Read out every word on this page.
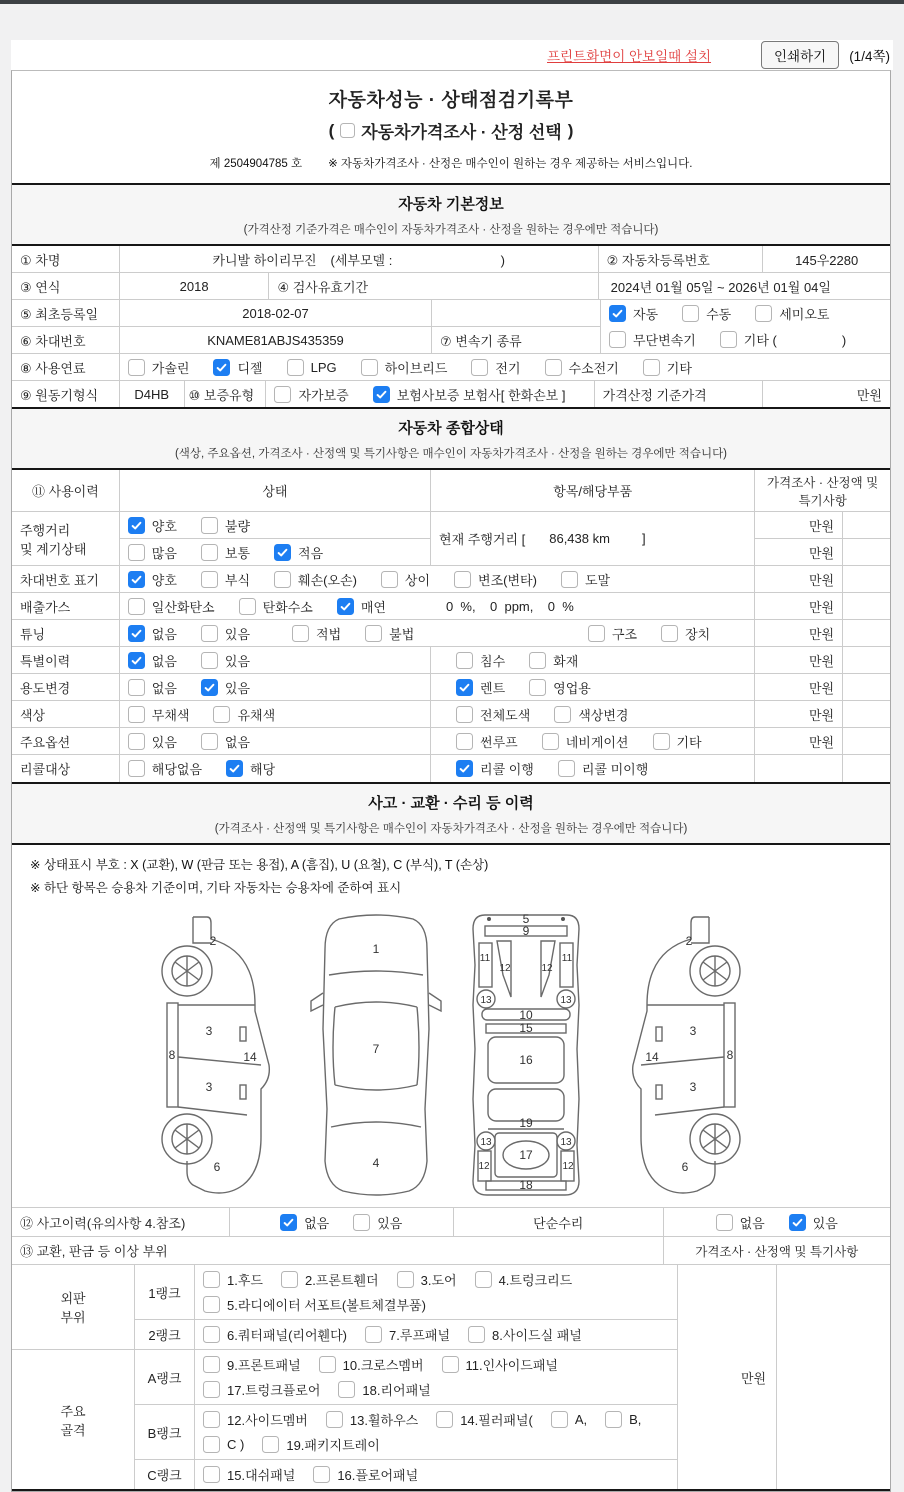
프린트화면이 안보일때 설치	인쇄하기	(1/4쪽)
자동차성능 · 상태점검기록부
( 자동차가격조사 · 산정 선택 )
제 2504904785 호 ※ 자동차가격조사 · 산정은 매수인이 원하는 경우 제공하는 서비스입니다.
자동차 기본정보
(가격산정 기준가격은 매수인이 자동차가격조사 · 산정을 원하는 경우에만 적습니다)
① 차명	카니발 하이리무진 (세부모델 :                              )	② 자동차등록번호	145우2280
③ 연식	2018	④ 검사유효기간	2024년 01월 05일 ~ 2026년 01월 04일
⑤ 최초등록일	2018-02-07
⑥ 차대번호	KNAME81ABJS435359	⑦ 변속기 종류
자동	수동	세미오토
무단변속기	기타 (                  )
⑧ 사용연료	가솔린	디젤	LPG	하이브리드	전기	수소전기	기타
⑨ 원동기형식	D4HB	⑩ 보증유형	자가보증	보험사보증 보험사[ 한화손보 ]	가격산정 기준가격	만원
자동차 종합상태
(색상, 주요옵션, 가격조사 · 산정액 및 특기사항은 매수인이 자동차가격조사 · 산정을 원하는 경우에만 적습니다)
⑪ 사용이력	상태	항목/해당부품
가격조사 · 산정액 및
특기사항
주행거리
및 계기상태
양호	불량
많음	보통	적음
현재 주행거리 [ 86,438 km ]
만원
만원
차대번호 표기	양호	부식	훼손(오손)	상이	변조(변타)	도말	만원
배출가스	일산화탄소	탄화수소	매연	0  %,    0  ppm,    0  %	만원
튜닝	없음	있음	적법	불법	구조	장치	만원
특별이력	없음	있음	침수	화재	만원
용도변경	없음	있음	렌트	영업용	만원
색상	무채색	유채색	전체도색	색상변경	만원
주요옵션	있음	없음	썬루프	네비게이션	기타	만원
리콜대상	해당없음	해당	리콜 이행	리콜 미이행
사고 · 교환 · 수리 등 이력
(가격조사 · 산정액 및 특기사항은 매수인이 자동차가격조사 · 산정을 원하는 경우에만 적습니다)
※ 상태표시 부호 : X (교환), W (판금 또는 용접), A (흠집), U (요철), C (부식), T (손상)
※ 하단 항목은 승용차 기준이며, 기타 자동차는 승용차에 준하여 표시
2
3
8	14
3
6
1
7
4
5
9
11
12	12
11
13	13
10
15
16
19
13	13
12	12
17
18
2
3
8
14
3
6
⑫ 사고이력(유의사항 4.참조)	없음	있음	단순수리	없음	있음
⑬ 교환, 판금 등 이상 부위	가격조사 · 산정액 및 특기사항
외판
부위
1랭크
1.후드	2.프론트휀더	3.도어	4.트렁크리드
5.라디에이터 서포트(볼트체결부품)
2랭크	6.쿼터패널(리어휀다)	7.루프패널	8.사이드실 패널
주요
골격
A랭크
9.프론트패널	10.크로스멤버	11.인사이드패널
17.트렁크플로어	18.리어패널
B랭크
12.사이드멤버	13.휠하우스	14.필러패널(	A,	B,
C )	19.패키지트레이
C랭크	15.대쉬패널	16.플로어패널
만원
